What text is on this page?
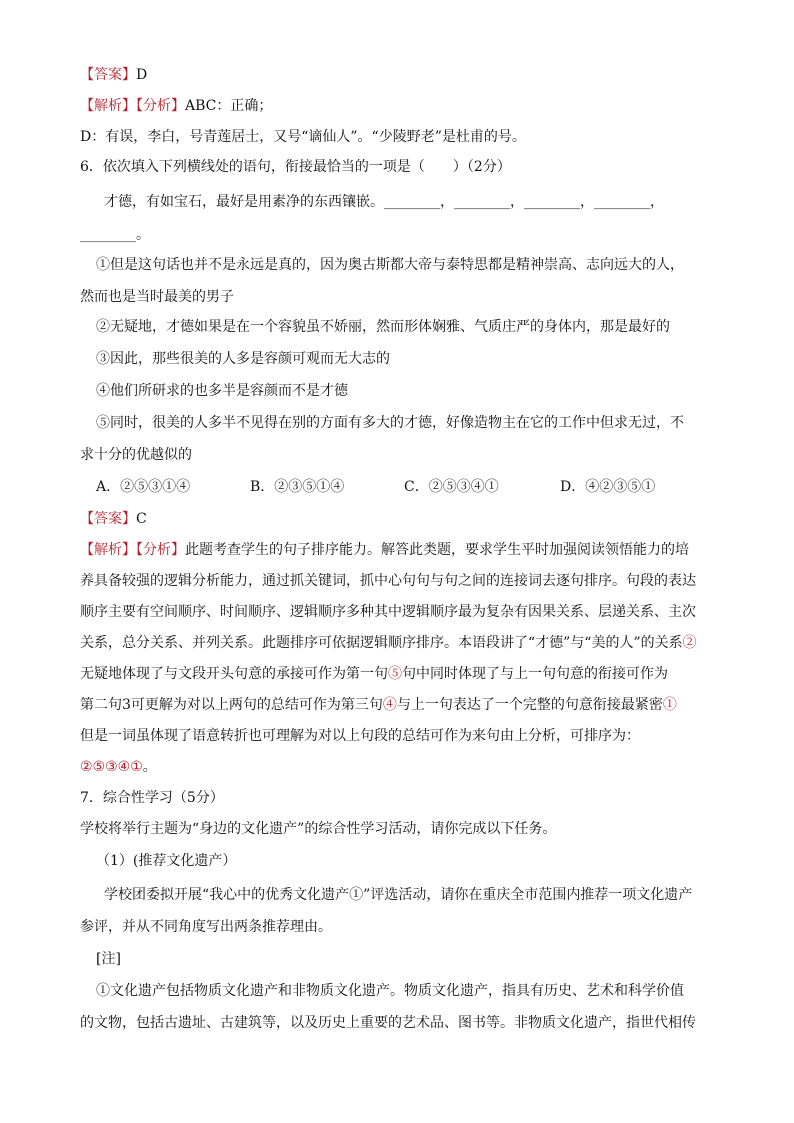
【答案】D
【解析】【分析】ABC：正确；
D：有误，李白，号青莲居士，又号“谪仙人”。“少陵野老”是杜甫的号。
6．依次填入下列横线处的语句，衔接最恰当的一项是（　　）（2分）
才德，有如宝石，最好是用素净的东西镶嵌。________，________，________，________，
________。
①但是这句话也并不是永远是真的，因为奥古斯都大帝与泰特思都是精神崇高、志向远大的人，
然而也是当时最美的男子
②无疑地，才德如果是在一个容貌虽不娇丽，然而形体娴雅、气质庄严的身体内，那是最好的
③因此，那些很美的人多是容颜可观而无大志的
④他们所研求的也多半是容颜而不是才德
⑤同时，很美的人多半不见得在别的方面有多大的才德，好像造物主在它的工作中但求无过，不
求十分的优越似的
A．②⑤③①④	B．②③⑤①④	C．②⑤③④①	D．④②③⑤①
【答案】C
【解析】【分析】此题考查学生的句子排序能力。解答此类题，要求学生平时加强阅读领悟能力的培
养具备较强的逻辑分析能力，通过抓关键词，抓中心句句与句之间的连接词去逐句排序。句段的表达
顺序主要有空间顺序、时间顺序、逻辑顺序多种其中逻辑顺序最为复杂有因果关系、层递关系、主次
关系，总分关系、并列关系。此题排序可依据逻辑顺序排序。本语段讲了“才德”与“美的人”的关系②
无疑地体现了与文段开头句意的承接可作为第一句⑤句中同时体现了与上一句句意的衔接可作为
第二句3可更解为对以上两句的总结可作为第三句④与上一句表达了一个完整的句意衔接最紧密①
但是一词虽体现了语意转折也可理解为对以上句段的总结可作为来句由上分析，可排序为：
②⑤③④①。
7．综合性学习（5分）
学校将举行主题为“身边的文化遗产”的综合性学习活动，请你完成以下任务。
（1）(推荐文化遗产）
学校团委拟开展“我心中的优秀文化遗产①”评选活动，请你在重庆全市范围内推荐一项文化遗产
参评，并从不同角度写出两条推荐理由。
[注]
①文化遗产包括物质文化遗产和非物质文化遗产。物质文化遗产，指具有历史、艺术和科学价值
的文物，包括古遗址、古建筑等，以及历史上重要的艺术品、图书等。非物质文化遗产，指世代相传
